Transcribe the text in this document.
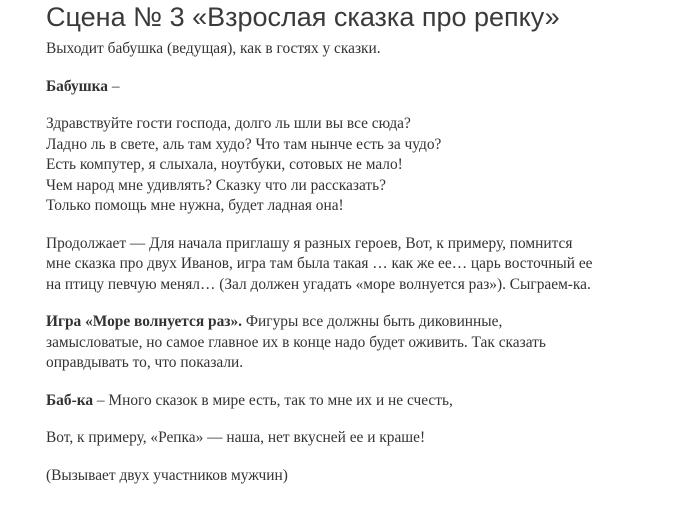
Сцена № 3 «Взрослая сказка про репку»

Выходит бабушка (ведущая), как в гостях у сказки.

Бабушка –

Здравствуйте гости господа, долго ль шли вы все сюда?
Ладно ль в свете, аль там худо? Что там нынче есть за чудо?
Есть компутер, я слыхала, ноутбуки, сотовых не мало!
Чем народ мне удивлять? Сказку что ли рассказать?
Только помощь мне нужна, будет ладная она!

Продолжает — Для начала приглашу я разных героев, Вот, к примеру, помнится
мне сказка про двух Иванов, игра там была такая … как же ее… царь восточный ее
на птицу певчую менял… (Зал должен угадать «море волнуется раз»). Сыграем-ка.

Игра «Море волнуется раз». Фигуры все должны быть диковинные,
замысловатые, но самое главное их в конце надо будет оживить. Так сказать
оправдывать то, что показали.

Баб-ка – Много сказок в мире есть, так то мне их и не счесть,

Вот, к примеру, «Репка» — наша, нет вкусней ее и краше!

(Вызывает двух участников мужчин)
